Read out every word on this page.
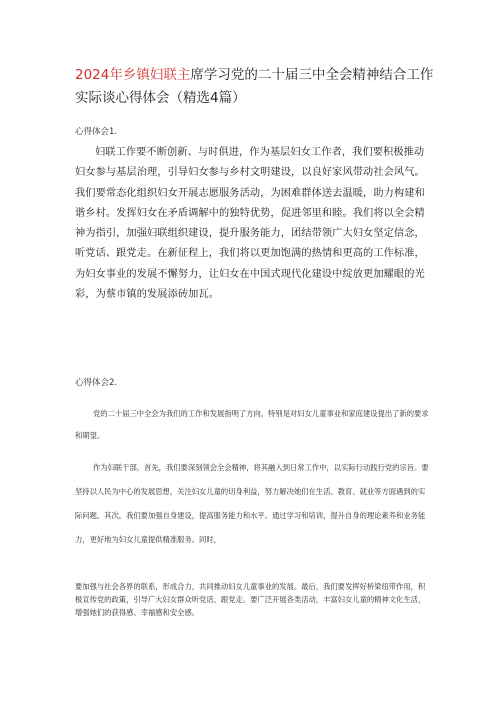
2024年乡镇妇联主席学习党的二十届三中全会精神结合工作实际谈心得体会（精选4篇）
心得体会1.
妇联工作要不断创新、与时俱进，作为基层妇女工作者，我们要积极推动妇女参与基层治理，引导妇女参与乡村文明建设，以良好家风带动社会风气。我们要常态化组织妇女开展志愿服务活动，为困难群体送去温暖，助力构建和谐乡村。发挥妇女在矛盾调解中的独特优势，促进邻里和睦。我们将以全会精神为指引，加强妇联组织建设，提升服务能力，团结带领广大妇女坚定信念，听党话、跟党走。在新征程上，我们将以更加饱满的热情和更高的工作标准，为妇女事业的发展不懈努力，让妇女在中国式现代化建设中绽放更加耀眼的光彩，为蔡市镇的发展添砖加瓦。
心得体会2.
党的二十届三中全会为我们的工作和发展指明了方向，特别是对妇女儿童事业和家庭建设提出了新的要求和期望。
作为妇联干部，首先，我们要深刻领会全会精神，将其融入到日常工作中，以实际行动践行党的宗旨。要坚持以人民为中心的发展思想，关注妇女儿童的切身利益，努力解决她们在生活、教育、就业等方面遇到的实际问题。其次，我们要加强自身建设，提高服务能力和水平。通过学习和培训，提升自身的理论素养和业务能力，更好地为妇女儿童提供精准服务。同时，
要加强与社会各界的联系，形成合力，共同推动妇女儿童事业的发展。最后，我们要发挥好桥梁纽带作用，积极宣传党的政策，引导广大妇女群众听党话、跟党走。要广泛开展各类活动，丰富妇女儿童的精神文化生活，增强她们的获得感、幸福感和安全感。
